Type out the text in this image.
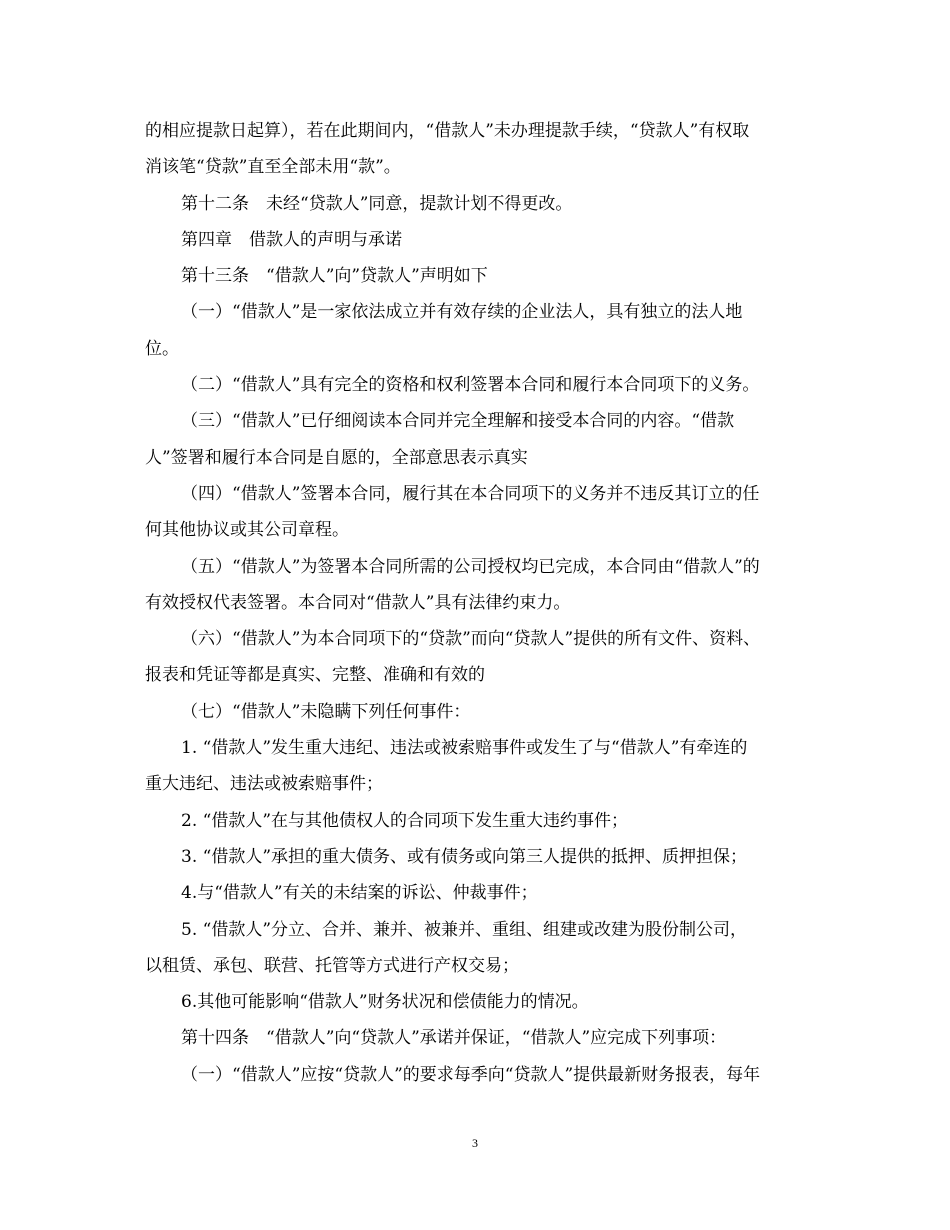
的相应提款日起算），若在此期间内，“借款人”未办理提款手续，“贷款人”有权取
消该笔“贷款”直至全部未用“款”。
第十二条　未经“贷款人”同意，提款计划不得更改。
第四章　借款人的声明与承诺
第十三条　“借款人”向”贷款人”声明如下
（一）“借款人”是一家依法成立并有效存续的企业法人，具有独立的法人地
位。
（二）“借款人”具有完全的资格和权利签署本合同和履行本合同项下的义务。
（三）“借款人”已仔细阅读本合同并完全理解和接受本合同的内容。“借款
人”签署和履行本合同是自愿的，全部意思表示真实
（四）“借款人”签署本合同，履行其在本合同项下的义务并不违反其订立的任
何其他协议或其公司章程。
（五）“借款人”为签署本合同所需的公司授权均已完成，本合同由“借款人”的
有效授权代表签署。本合同对“借款人”具有法律约束力。
（六）“借款人”为本合同项下的“贷款”而向“贷款人”提供的所有文件、资料、
报表和凭证等都是真实、完整、准确和有效的
（七）“借款人”未隐瞒下列任何事件：
1. “借款人”发生重大违纪、违法或被索赔事件或发生了与“借款人”有牵连的
重大违纪、违法或被索赔事件；
2. “借款人”在与其他债权人的合同项下发生重大违约事件；
3. “借款人”承担的重大债务、或有债务或向第三人提供的抵押、质押担保；
4.与“借款人”有关的未结案的诉讼、仲裁事件；
5. “借款人”分立、合并、兼并、被兼并、重组、组建或改建为股份制公司，
以租赁、承包、联营、托管等方式进行产权交易；
6.其他可能影响“借款人”财务状况和偿债能力的情况。
第十四条　“借款人”向“贷款人”承诺并保证，“借款人”应完成下列事项：
（一）“借款人”应按“贷款人”的要求每季向“贷款人”提供最新财务报表，每年
3
